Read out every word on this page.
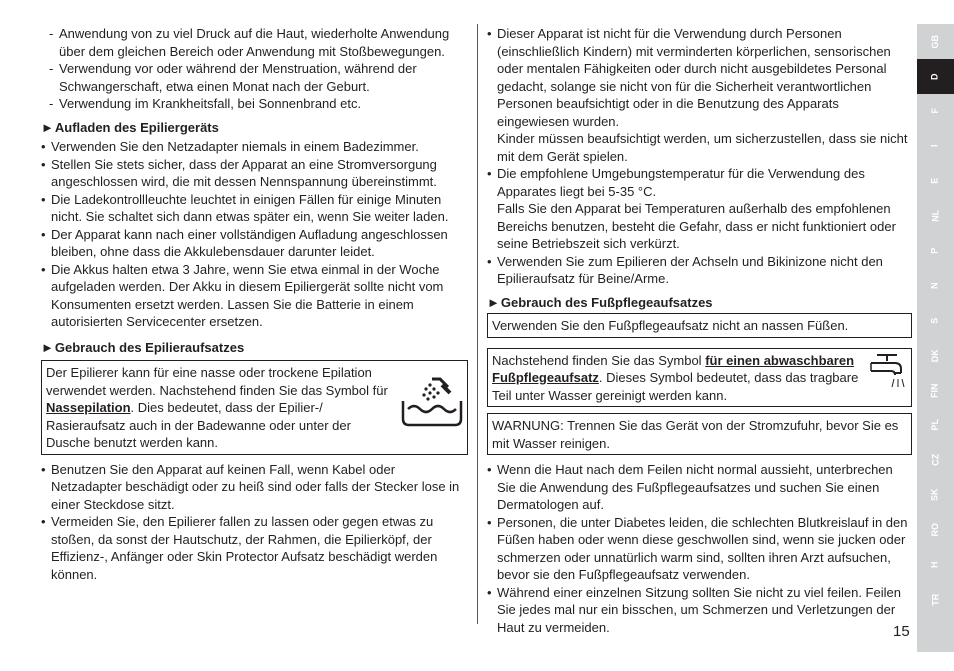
- Anwendung von zu viel Druck auf die Haut, wiederholte Anwendung über dem gleichen Bereich oder Anwendung mit Stoßbewegungen.
- Verwendung vor oder während der Menstruation, während der Schwangerschaft, etwa einen Monat nach der Geburt.
- Verwendung im Krankheitsfall, bei Sonnenbrand etc.
►Aufladen des Epiliergeräts
• Verwenden Sie den Netzadapter niemals in einem Badezimmer.
• Stellen Sie stets sicher, dass der Apparat an eine Stromversorgung angeschlossen wird, die mit dessen Nennspannung übereinstimmt.
• Die Ladekontrollleuchte leuchtet in einigen Fällen für einige Minuten nicht. Sie schaltet sich dann etwas später ein, wenn Sie weiter laden.
• Der Apparat kann nach einer vollständigen Aufladung angeschlossen bleiben, ohne dass die Akkulebensdauer darunter leidet.
• Die Akkus halten etwa 3 Jahre, wenn Sie etwa einmal in der Woche aufgeladen werden. Der Akku in diesem Epiliergerät sollte nicht vom Konsumenten ersetzt werden. Lassen Sie die Batterie in einem autorisierten Servicecenter ersetzen.
►Gebrauch des Epilieraufsatzes
Der Epilierer kann für eine nasse oder trockene Epilation verwendet werden. Nachstehend finden Sie das Symbol für Nassepilation. Dies bedeutet, dass der Epilier-/ Rasieraufsatz auch in der Badewanne oder unter der Dusche benutzt werden kann.
• Benutzen Sie den Apparat auf keinen Fall, wenn Kabel oder Netzadapter beschädigt oder zu heiß sind oder falls der Stecker lose in einer Steckdose sitzt.
• Vermeiden Sie, den Epilierer fallen zu lassen oder gegen etwas zu stoßen, da sonst der Hautschutz, der Rahmen, die Epilierköpf, der Effizienz-, Anfänger oder Skin Protector Aufsatz beschädigt werden können.
• Dieser Apparat ist nicht für die Verwendung durch Personen (einschließlich Kindern) mit verminderten körperlichen, sensorischen oder mentalen Fähigkeiten oder durch nicht ausgebildetes Personal gedacht, solange sie nicht von für die Sicherheit verantwortlichen Personen beaufsichtigt oder in die Benutzung des Apparats eingewiesen wurden.
Kinder müssen beaufsichtigt werden, um sicherzustellen, dass sie nicht mit dem Gerät spielen.
• Die empfohlene Umgebungstemperatur für die Verwendung des Apparates liegt bei 5-35 °C.
Falls Sie den Apparat bei Temperaturen außerhalb des empfohlenen Bereichs benutzen, besteht die Gefahr, dass er nicht funktioniert oder seine Betriebszeit sich verkürzt.
• Verwenden Sie zum Epilieren der Achseln und Bikinizone nicht den Epilieraufsatz für Beine/Arme.
►Gebrauch des Fußpflegeaufsatzes
Verwenden Sie den Fußpflegeaufsatz nicht an nassen Füßen.
Nachstehend finden Sie das Symbol für einen abwaschbaren Fußpflegeaufsatz. Dieses Symbol bedeutet, dass das tragbare Teil unter Wasser gereinigt werden kann.
WARNUNG: Trennen Sie das Gerät von der Stromzufuhr, bevor Sie es mit Wasser reinigen.
• Wenn die Haut nach dem Feilen nicht normal aussieht, unterbrechen Sie die Anwendung des Fußpflegeaufsatzes und suchen Sie einen Dermatologen auf.
• Personen, die unter Diabetes leiden, die schlechten Blutkreislauf in den Füßen haben oder wenn diese geschwollen sind, wenn sie jucken oder schmerzen oder unnatürlich warm sind, sollten ihren Arzt aufsuchen, bevor sie den Fußpflegeaufsatz verwenden.
• Während einer einzelnen Sitzung sollten Sie nicht zu viel feilen. Feilen Sie jedes mal nur ein bisschen, um Schmerzen und Verletzungen der Haut zu vermeiden.
GB
D
F
I
E
NL
P
N
S
DK
FIN
PL
CZ
SK
RO
H
TR
15
